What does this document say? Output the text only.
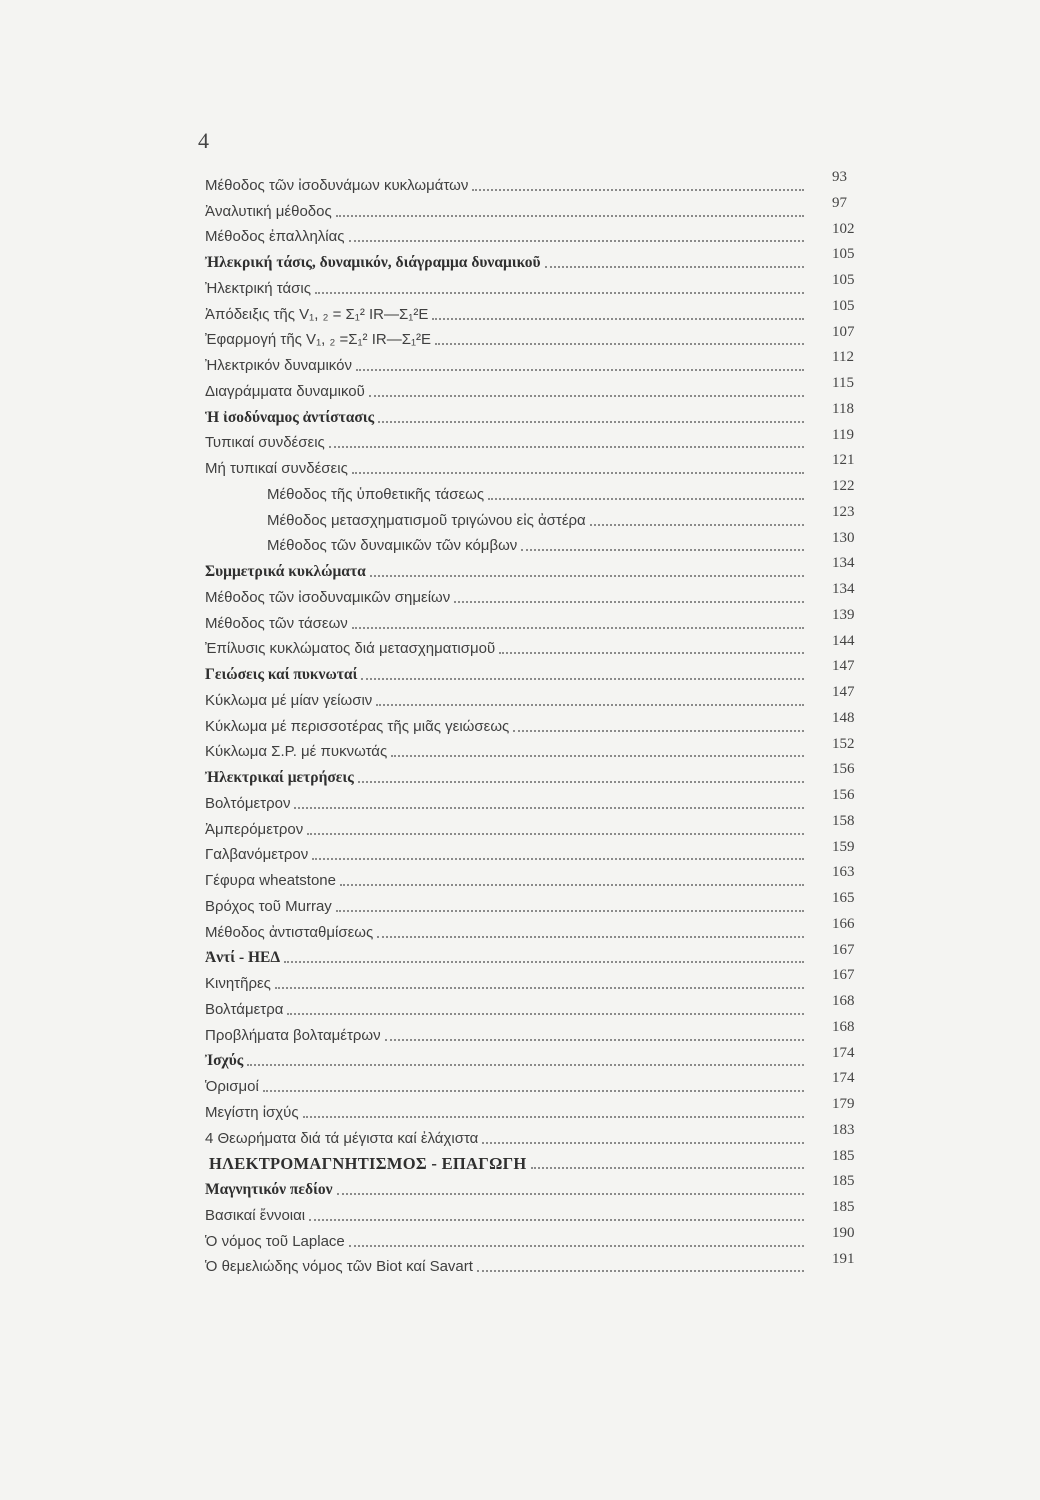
4
Μέθοδος τῶν ἰσοδυνάμων κυκλωμάτων	93
Ἀναλυτική μέθοδος	97
Μέθοδος ἐπαλληλίας	102
Ἠλεκρική τάσις, δυναμικόν, διάγραμμα δυναμικοῦ	105
Ἠλεκτρική τάσις	105
Ἀπόδειξις τῆς V₁, ₂ = Σ₁² IR—Σ₁²E	105
Ἐφαρμογή τῆς V₁, ₂ =Σ₁² IR—Σ₁²E	107
Ἠλεκτρικόν δυναμικόν	112
Διαγράμματα δυναμικοῦ	115
Ἡ ἰσοδύναμος ἀντίστασις	118
Τυπικαί συνδέσεις	119
Μή τυπικαί συνδέσεις	121
Μέθοδος τῆς ὑποθετικῆς τάσεως	122
Μέθοδος μετασχηματισμοῦ τριγώνου εἰς ἀστέρα	123
Μέθοδος τῶν δυναμικῶν τῶν κόμβων	130
Συμμετρικά κυκλώματα	134
Μέθοδος τῶν ἰσοδυναμικῶν σημείων	134
Μέθοδος τῶν τάσεων	139
Ἐπίλυσις κυκλώματος διά μετασχηματισμοῦ	144
Γειώσεις καί πυκνωταί	147
Κύκλωμα μέ μίαν γείωσιν	147
Κύκλωμα μέ περισσοτέρας τῆς μιᾶς γειώσεως	148
Κύκλωμα Σ.Ρ. μέ πυκνωτάς	152
Ἠλεκτρικαί μετρήσεις	156
Βολτόμετρον	156
Ἀμπερόμετρον	158
Γαλβανόμετρον	159
Γέφυρα wheatstone	163
Βρόχος τοῦ Murray	165
Μέθοδος ἀντισταθμίσεως	166
Ἀντί - ΗΕΔ	167
Κινητῆρες	167
Βολτάμετρα	168
Προβλήματα βολταμέτρων	168
Ἰσχύς	174
Ὁρισμοί	174
Μεγίστη ἰσχύς	179
4 Θεωρήματα διά τά μέγιστα καί ἐλάχιστα	183
ΗΛΕΚΤΡΟΜΑΓΝΗΤΙΣΜΟΣ - ΕΠΑΓΩΓΗ	185
Μαγνητικόν πεδίον	185
Βασικαί ἔννοιαι	185
Ὁ νόμος τοῦ Laplace	190
Ὁ θεμελιώδης νόμος τῶν Biot καί Savart	191
